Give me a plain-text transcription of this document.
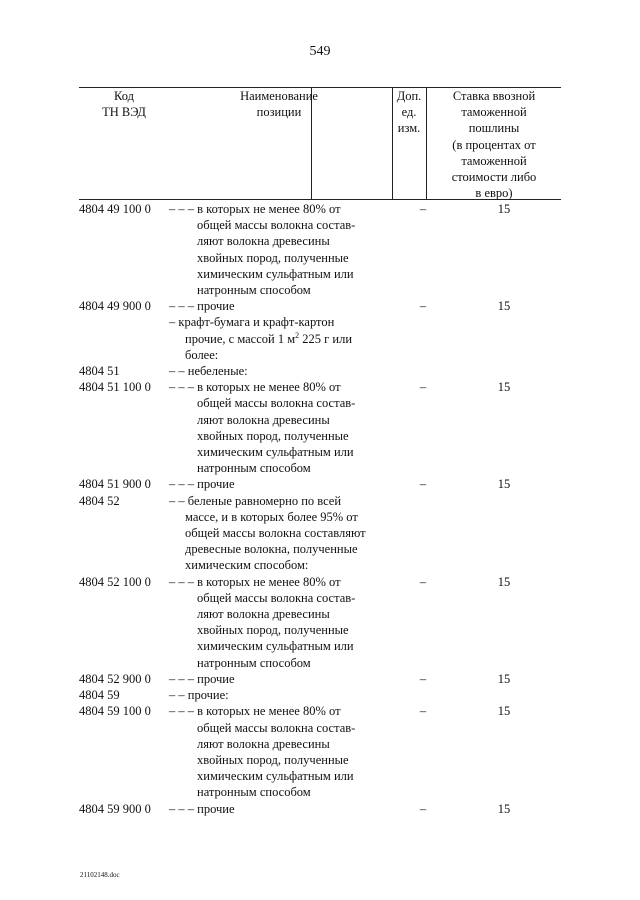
549
Код
ТН ВЭД
Наименование
позиции
Доп.
ед.
изм.
Ставка ввозной
таможенной
пошлины
(в процентах от
таможенной
стоимости либо
в евро)
4804 49 100 0	– – – в которых не менее 80% от
общей массы волокна состав-
ляют волокна древесины
хвойных пород, полученные
химическим сульфатным или
натронным способом
–	15
4804 49 900 0	– – – прочие	–	15
– крафт-бумага и крафт-картон
прочие, с массой 1 $м^2$ 225 г или
более:
4804 51	– – небеленые:
4804 51 100 0	– – – в которых не менее 80% от
общей массы волокна состав-
ляют волокна древесины
хвойных пород, полученные
химическим сульфатным или
натронным способом
–	15
4804 51 900 0	– – – прочие	–	15
4804 52	– – беленые равномерно по всей
массе, и в которых более 95% от
общей массы волокна составляют
древесные волокна, полученные
химическим способом:
4804 52 100 0	– – – в которых не менее 80% от
общей массы волокна состав-
ляют волокна древесины
хвойных пород, полученные
химическим сульфатным или
натронным способом
–	15
4804 52 900 0	– – – прочие	–	15
4804 59	– – прочие:
4804 59 100 0	– – – в которых не менее 80% от
общей массы волокна состав-
ляют волокна древесины
хвойных пород, полученные
химическим сульфатным или
натронным способом
–	15
4804 59 900 0	– – – прочие	–	15
21102148.doc
